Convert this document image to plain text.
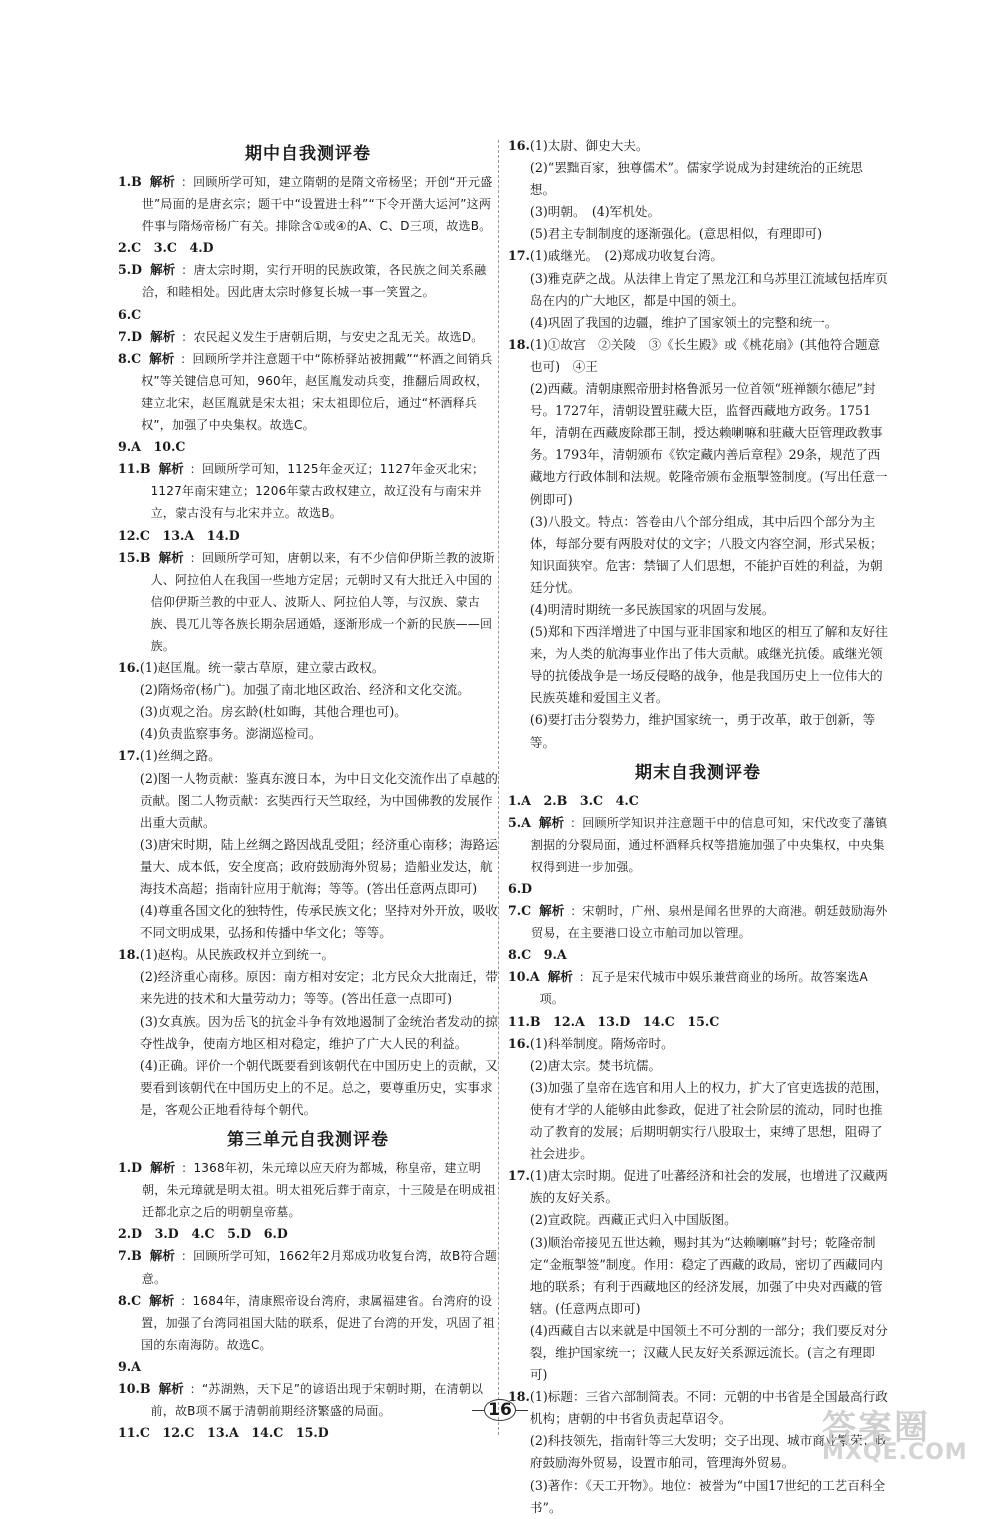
期中自我测评卷
1.B 解析 ：回顾所学可知，建立隋朝的是隋文帝杨坚；开创“开元盛世”局面的是唐玄宗；题干中“设置进士科”“下令开凿大运河”这两件事与隋炀帝杨广有关。排除含①或④的A、C、D三项，故选B。
2.C　3.C　4.D
5.D 解析 ：唐太宗时期，实行开明的民族政策，各民族之间关系融洽，和睦相处。因此唐太宗时修复长城一事一笑置之。
6.C
7.D 解析 ：农民起义发生于唐朝后期，与安史之乱无关。故选D。
8.C 解析 ：回顾所学并注意题干中“陈桥驿站被拥戴”“杯酒之间销兵权”等关键信息可知，960年，赵匡胤发动兵变，推翻后周政权，建立北宋，赵匡胤就是宋太祖；宋太祖即位后，通过“杯酒释兵权”，加强了中央集权。故选C。
9.A　10.C
11.B 解析 ：回顾所学可知，1125年金灭辽；1127年金灭北宋；1127年南宋建立；1206年蒙古政权建立，故辽没有与南宋并立，蒙古没有与北宋并立。故选B。
12.C　13.A　14.D
15.B 解析 ：回顾所学可知，唐朝以来，有不少信仰伊斯兰教的波斯人、阿拉伯人在我国一些地方定居；元朝时又有大批迁入中国的信仰伊斯兰教的中亚人、波斯人、阿拉伯人等，与汉族、蒙古族、畏兀儿等各族长期杂居通婚，逐渐形成一个新的民族——回族。
16. (1)赵匡胤。统一蒙古草原，建立蒙古政权。
(2)隋炀帝(杨广)。加强了南北地区政治、经济和文化交流。
(3)贞观之治。房玄龄(杜如晦，其他合理也可)。
(4)负责监察事务。澎湖巡检司。
17. (1)丝绸之路。
(2)图一人物贡献：鉴真东渡日本，为中日文化交流作出了卓越的贡献。图二人物贡献：玄奘西行天竺取经，为中国佛教的发展作出重大贡献。
(3)唐宋时期，陆上丝绸之路因战乱受阻；经济重心南移；海路运量大、成本低，安全度高；政府鼓励海外贸易；造船业发达，航海技术高超；指南针应用于航海；等等。(答出任意两点即可)
(4)尊重各国文化的独特性，传承民族文化；坚持对外开放，吸收不同文明成果，弘扬和传播中华文化；等等。
18. (1)赵构。从民族政权并立到统一。
(2)经济重心南移。原因：南方相对安定；北方民众大批南迁，带来先进的技术和大量劳动力；等等。(答出任意一点即可)
(3)女真族。因为岳飞的抗金斗争有效地遏制了金统治者发动的掠夺性战争，使南方地区相对稳定，维护了广大人民的利益。
(4)正确。评价一个朝代既要看到该朝代在中国历史上的贡献，又要看到该朝代在中国历史上的不足。总之，要尊重历史，实事求是，客观公正地看待每个朝代。
第三单元自我测评卷
1.D 解析 ：1368年初，朱元璋以应天府为都城，称皇帝，建立明朝，朱元璋就是明太祖。明太祖死后葬于南京，十三陵是在明成祖迁都北京之后的明朝皇帝墓。
2.D　3.D　4.C　5.D　6.D
7.B 解析 ：回顾所学可知，1662年2月郑成功收复台湾，故B符合题意。
8.C 解析 ：1684年，清康熙帝设台湾府，隶属福建省。台湾府的设置，加强了台湾同祖国大陆的联系，促进了台湾的开发，巩固了祖国的东南海防。故选C。
9.A
10.B 解析 ：“苏湖熟，天下足”的谚语出现于宋朝时期，在清朝以前，故B项不属于清朝前期经济繁盛的局面。
11.C　12.C　13.A　14.C　15.D
16. (1)太尉、御史大夫。
(2)“罢黜百家，独尊儒术”。儒家学说成为封建统治的正统思想。
(3)明朝。　(4)军机处。
(5)君主专制制度的逐渐强化。(意思相似，有理即可)
17. (1)戚继光。　(2)郑成功收复台湾。
(3)雅克萨之战。从法律上肯定了黑龙江和乌苏里江流域包括库页岛在内的广大地区，都是中国的领土。
(4)巩固了我国的边疆，维护了国家领土的完整和统一。
18. (1)①故宫　②关陵　③《长生殿》或《桃花扇》(其他符合题意也可)　④王
(2)西藏。清朝康熙帝册封格鲁派另一位首领“班禅额尔德尼”封号。1727年，清朝设置驻藏大臣，监督西藏地方政务。1751年，清朝在西藏废除郡王制，授达赖喇嘛和驻藏大臣管理政教事务。1793年，清朝颁布《钦定藏内善后章程》29条，规范了西藏地方行政体制和法规。乾隆帝颁布金瓶掣签制度。(写出任意一例即可)
(3)八股文。特点：答卷由八个部分组成，其中后四个部分为主体，每部分要有两股对仗的文字；八股文内容空洞，形式呆板；知识面狭窄。危害：禁锢了人们思想，不能护百姓的利益，为朝廷分忧。
(4)明清时期统一多民族国家的巩固与发展。
(5)郑和下西洋增进了中国与亚非国家和地区的相互了解和友好往来，为人类的航海事业作出了伟大贡献。戚继光抗倭。戚继光领导的抗倭战争是一场反侵略的战争，他是我国历史上一位伟大的民族英雄和爱国主义者。
(6)要打击分裂势力，维护国家统一，勇于改革，敢于创新，等等。
期末自我测评卷
1.A　2.B　3.C　4.C
5.A 解析 ：回顾所学知识并注意题干中的信息可知，宋代改变了藩镇割据的分裂局面，通过杯酒释兵权等措施加强了中央集权，中央集权得到进一步加强。
6.D
7.C 解析 ：宋朝时，广州、泉州是闻名世界的大商港。朝廷鼓励海外贸易，在主要港口设立市舶司加以管理。
8.C　9.A
10.A 解析 ：瓦子是宋代城市中娱乐兼营商业的场所。故答案选A项。
11.B　12.A　13.D　14.C　15.C
16. (1)科举制度。隋炀帝时。
(2)唐太宗。焚书坑儒。
(3)加强了皇帝在选官和用人上的权力，扩大了官吏选拔的范围，使有才学的人能够由此参政，促进了社会阶层的流动，同时也推动了教育的发展；后期明朝实行八股取士，束缚了思想，阻碍了社会进步。
17. (1)唐太宗时期。促进了吐蕃经济和社会的发展，也增进了汉藏两族的友好关系。
(2)宣政院。西藏正式归入中国版图。
(3)顺治帝接见五世达赖，赐封其为“达赖喇嘛”封号；乾隆帝制定“金瓶掣签”制度。作用：稳定了西藏的政局，密切了西藏同内地的联系；有利于西藏地区的经济发展，加强了中央对西藏的管辖。(任意两点即可)
(4)西藏自古以来就是中国领土不可分割的一部分；我们要反对分裂，维护国家统一；汉藏人民友好关系源远流长。(言之有理即可)
18. (1)标题：三省六部制简表。不同：元朝的中书省是全国最高行政机构；唐朝的中书省负责起草诏令。
(2)科技领先，指南针等三大发明；交子出现、城市商业繁荣；政府鼓励海外贸易，设置市舶司，管理海外贸易。
(3)著作：《天工开物》。地位：被誉为“中国17世纪的工艺百科全书”。
16	答案圈
MXQE.COM
